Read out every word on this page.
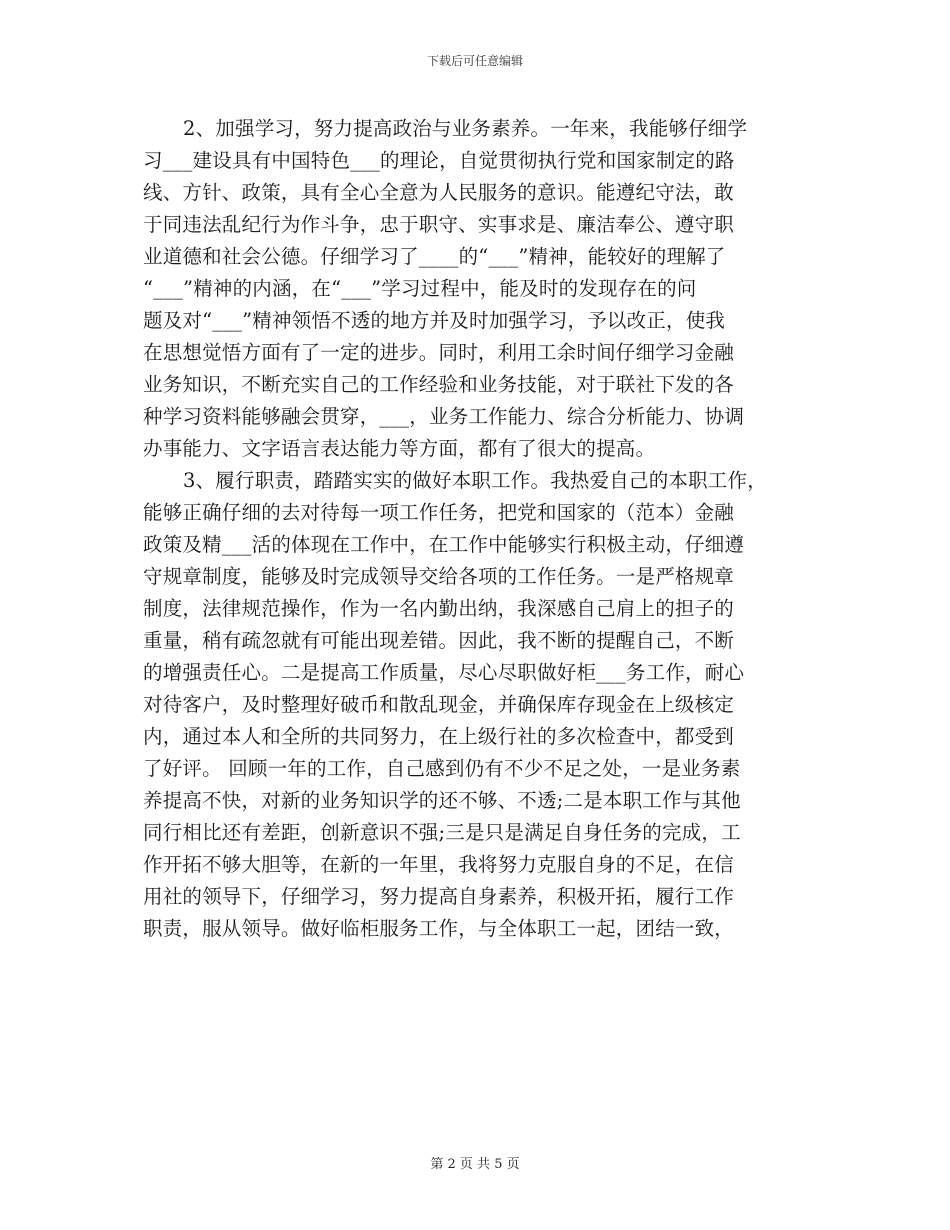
下载后可任意编辑
2、加强学习，努力提高政治与业务素养。一年来，我能够仔细学
习___建设具有中国特色___的理论，自觉贯彻执行党和国家制定的路
线、方针、政策，具有全心全意为人民服务的意识。能遵纪守法，敢
于同违法乱纪行为作斗争，忠于职守、实事求是、廉洁奉公、遵守职
业道德和社会公德。仔细学习了____的“___”精神，能较好的理解了
“___”精神的内涵，在“___”学习过程中，能及时的发现存在的问
题及对“___”精神领悟不透的地方并及时加强学习，予以改正，使我
在思想觉悟方面有了一定的进步。同时，利用工余时间仔细学习金融
业务知识，不断充实自己的工作经验和业务技能，对于联社下发的各
种学习资料能够融会贯穿，___，业务工作能力、综合分析能力、协调
办事能力、文字语言表达能力等方面，都有了很大的提高。
3、履行职责，踏踏实实的做好本职工作。我热爱自己的本职工作，
能够正确仔细的去对待每一项工作任务，把党和国家的（范本）金融
政策及精___活的体现在工作中，在工作中能够实行积极主动，仔细遵
守规章制度，能够及时完成领导交给各项的工作任务。一是严格规章
制度，法律规范操作，作为一名内勤出纳，我深感自己肩上的担子的
重量，稍有疏忽就有可能出现差错。因此，我不断的提醒自己，不断
的增强责任心。二是提高工作质量，尽心尽职做好柜___务工作，耐心
对待客户，及时整理好破币和散乱现金，并确保库存现金在上级核定
内，通过本人和全所的共同努力，在上级行社的多次检查中，都受到
了好评。 回顾一年的工作，自己感到仍有不少不足之处，一是业务素
养提高不快，对新的业务知识学的还不够、不透;二是本职工作与其他
同行相比还有差距，创新意识不强;三是只是满足自身任务的完成，工
作开拓不够大胆等，在新的一年里，我将努力克服自身的不足，在信
用社的领导下，仔细学习，努力提高自身素养，积极开拓，履行工作
职责，服从领导。做好临柜服务工作，与全体职工一起，团结一致，
第 2 页 共 5 页
